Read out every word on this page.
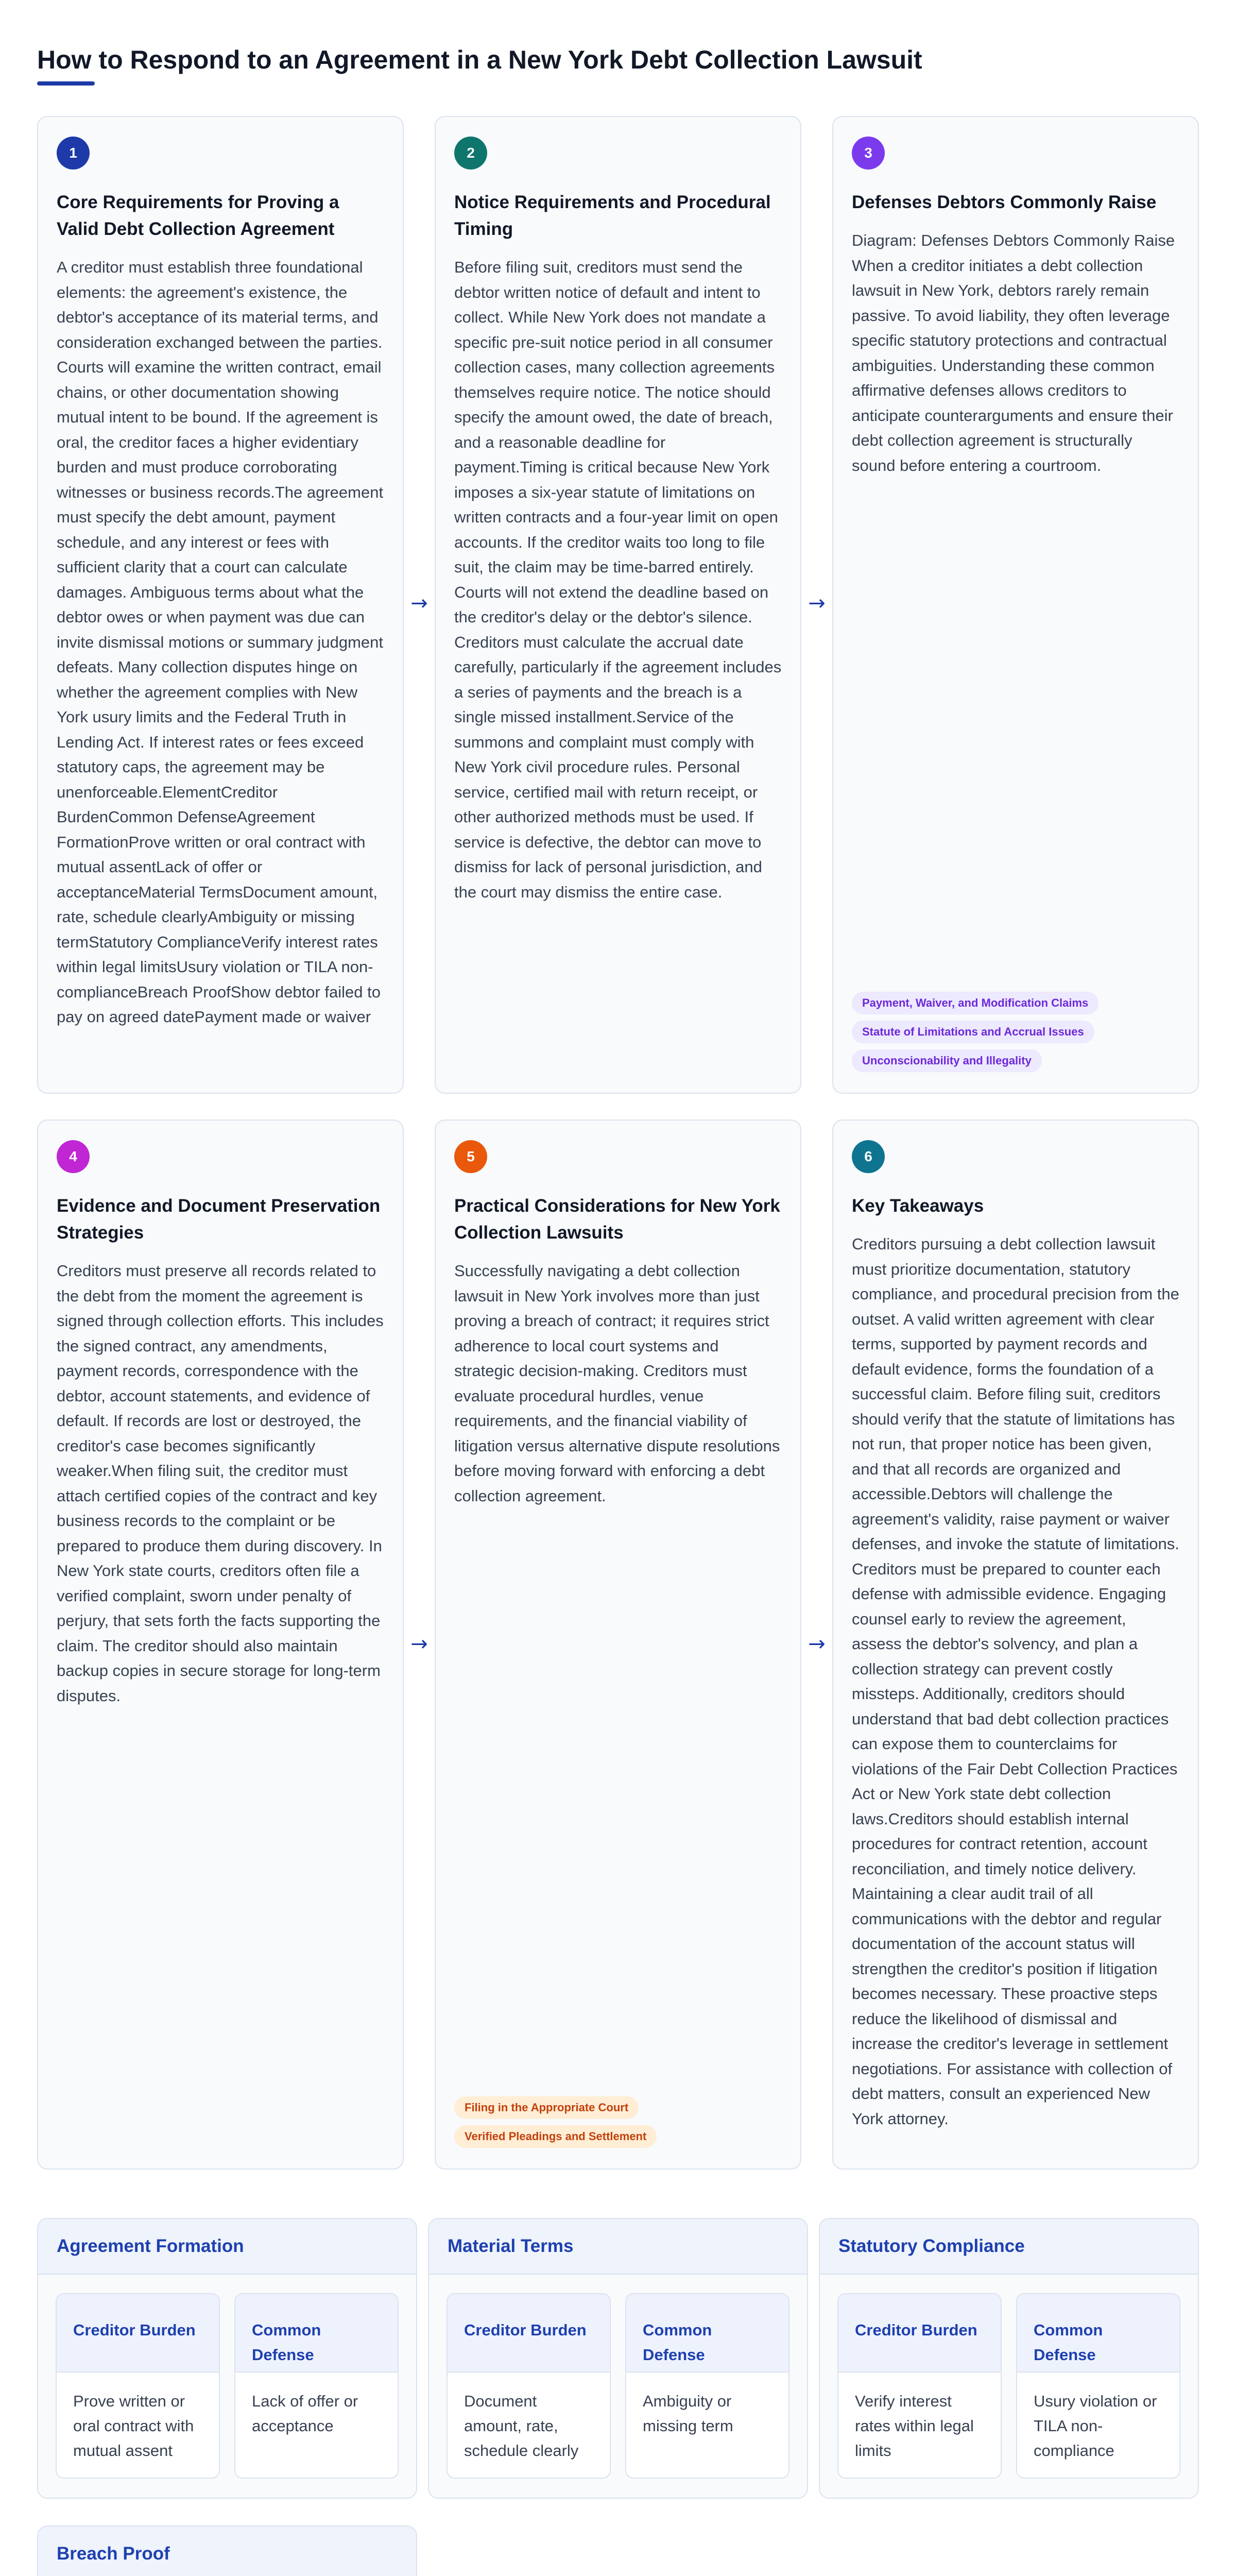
How to Respond to an Agreement in a New York Debt Collection Lawsuit
1
Core Requirements for Proving a Valid Debt Collection Agreement

A creditor must establish three foundational elements: the agreement's existence, the debtor's acceptance of its material terms, and consideration exchanged between the parties. Courts will examine the written contract, email chains, or other documentation showing mutual intent to be bound. If the agreement is oral, the creditor faces a higher evidentiary burden and must produce corroborating witnesses or business records.The agreement must specify the debt amount, payment schedule, and any interest or fees with sufficient clarity that a court can calculate damages. Ambiguous terms about what the debtor owes or when payment was due can invite dismissal motions or summary judgment defeats. Many collection disputes hinge on whether the agreement complies with New York usury limits and the Federal Truth in Lending Act. If interest rates or fees exceed statutory caps, the agreement may be unenforceable.ElementCreditor BurdenCommon DefenseAgreement FormationProve written or oral contract with mutual assentLack of offer or acceptanceMaterial TermsDocument amount, rate, schedule clearlyAmbiguity or missing termStatutory ComplianceVerify interest rates within legal limitsUsury violation or TILA non-complianceBreach ProofShow debtor failed to pay on agreed datePayment made or waiver

2
Notice Requirements and Procedural Timing

Before filing suit, creditors must send the debtor written notice of default and intent to collect. While New York does not mandate a specific pre-suit notice period in all consumer collection cases, many collection agreements themselves require notice. The notice should specify the amount owed, the date of breach, and a reasonable deadline for payment.Timing is critical because New York imposes a six-year statute of limitations on written contracts and a four-year limit on open accounts. If the creditor waits too long to file suit, the claim may be time-barred entirely. Courts will not extend the deadline based on the creditor's delay or the debtor's silence. Creditors must calculate the accrual date carefully, particularly if the agreement includes a series of payments and the breach is a single missed installment.Service of the summons and complaint must comply with New York civil procedure rules. Personal service, certified mail with return receipt, or other authorized methods must be used. If service is defective, the debtor can move to dismiss for lack of personal jurisdiction, and the court may dismiss the entire case.

3
Defenses Debtors Commonly Raise

Diagram: Defenses Debtors Commonly Raise When a creditor initiates a debt collection lawsuit in New York, debtors rarely remain passive. To avoid liability, they often leverage specific statutory protections and contractual ambiguities. Understanding these common affirmative defenses allows creditors to anticipate counterarguments and ensure their debt collection agreement is structurally sound before entering a courtroom.

Payment, Waiver, and Modification Claims
Statute of Limitations and Accrual Issues
Unconscionability and Illegality
4
Evidence and Document Preservation Strategies

Creditors must preserve all records related to the debt from the moment the agreement is signed through collection efforts. This includes the signed contract, any amendments, payment records, correspondence with the debtor, account statements, and evidence of default. If records are lost or destroyed, the creditor's case becomes significantly weaker.When filing suit, the creditor must attach certified copies of the contract and key business records to the complaint or be prepared to produce them during discovery. In New York state courts, creditors often file a verified complaint, sworn under penalty of perjury, that sets forth the facts supporting the claim. The creditor should also maintain backup copies in secure storage for long-term disputes.

5
Practical Considerations for New York Collection Lawsuits

Successfully navigating a debt collection lawsuit in New York involves more than just proving a breach of contract; it requires strict adherence to local court systems and strategic decision-making. Creditors must evaluate procedural hurdles, venue requirements, and the financial viability of litigation versus alternative dispute resolutions before moving forward with enforcing a debt collection agreement.

Filing in the Appropriate Court
Verified Pleadings and Settlement
6
Key Takeaways

Creditors pursuing a debt collection lawsuit must prioritize documentation, statutory compliance, and procedural precision from the outset. A valid written agreement with clear terms, supported by payment records and default evidence, forms the foundation of a successful claim. Before filing suit, creditors should verify that the statute of limitations has not run, that proper notice has been given, and that all records are organized and accessible.Debtors will challenge the agreement's validity, raise payment or waiver defenses, and invoke the statute of limitations. Creditors must be prepared to counter each defense with admissible evidence. Engaging counsel early to review the agreement, assess the debtor's solvency, and plan a collection strategy can prevent costly missteps. Additionally, creditors should understand that bad debt collection practices can expose them to counterclaims for violations of the Fair Debt Collection Practices Act or New York state debt collection laws.Creditors should establish internal procedures for contract retention, account reconciliation, and timely notice delivery. Maintaining a clear audit trail of all communications with the debtor and regular documentation of the account status will strengthen the creditor's position if litigation becomes necessary. These proactive steps reduce the likelihood of dismissal and increase the creditor's leverage in settlement negotiations. For assistance with collection of debt matters, consult an experienced New York attorney.

→	→
→	→
Agreement Formation
Creditor Burden
Prove written or oral contract with mutual assent
Common Defense
Lack of offer or acceptance
Material Terms
Creditor Burden
Document amount, rate, schedule clearly
Common Defense
Ambiguity or missing term
Statutory Compliance
Creditor Burden
Verify interest rates within legal limits
Common Defense
Usury violation or TILA non-compliance
Breach Proof
